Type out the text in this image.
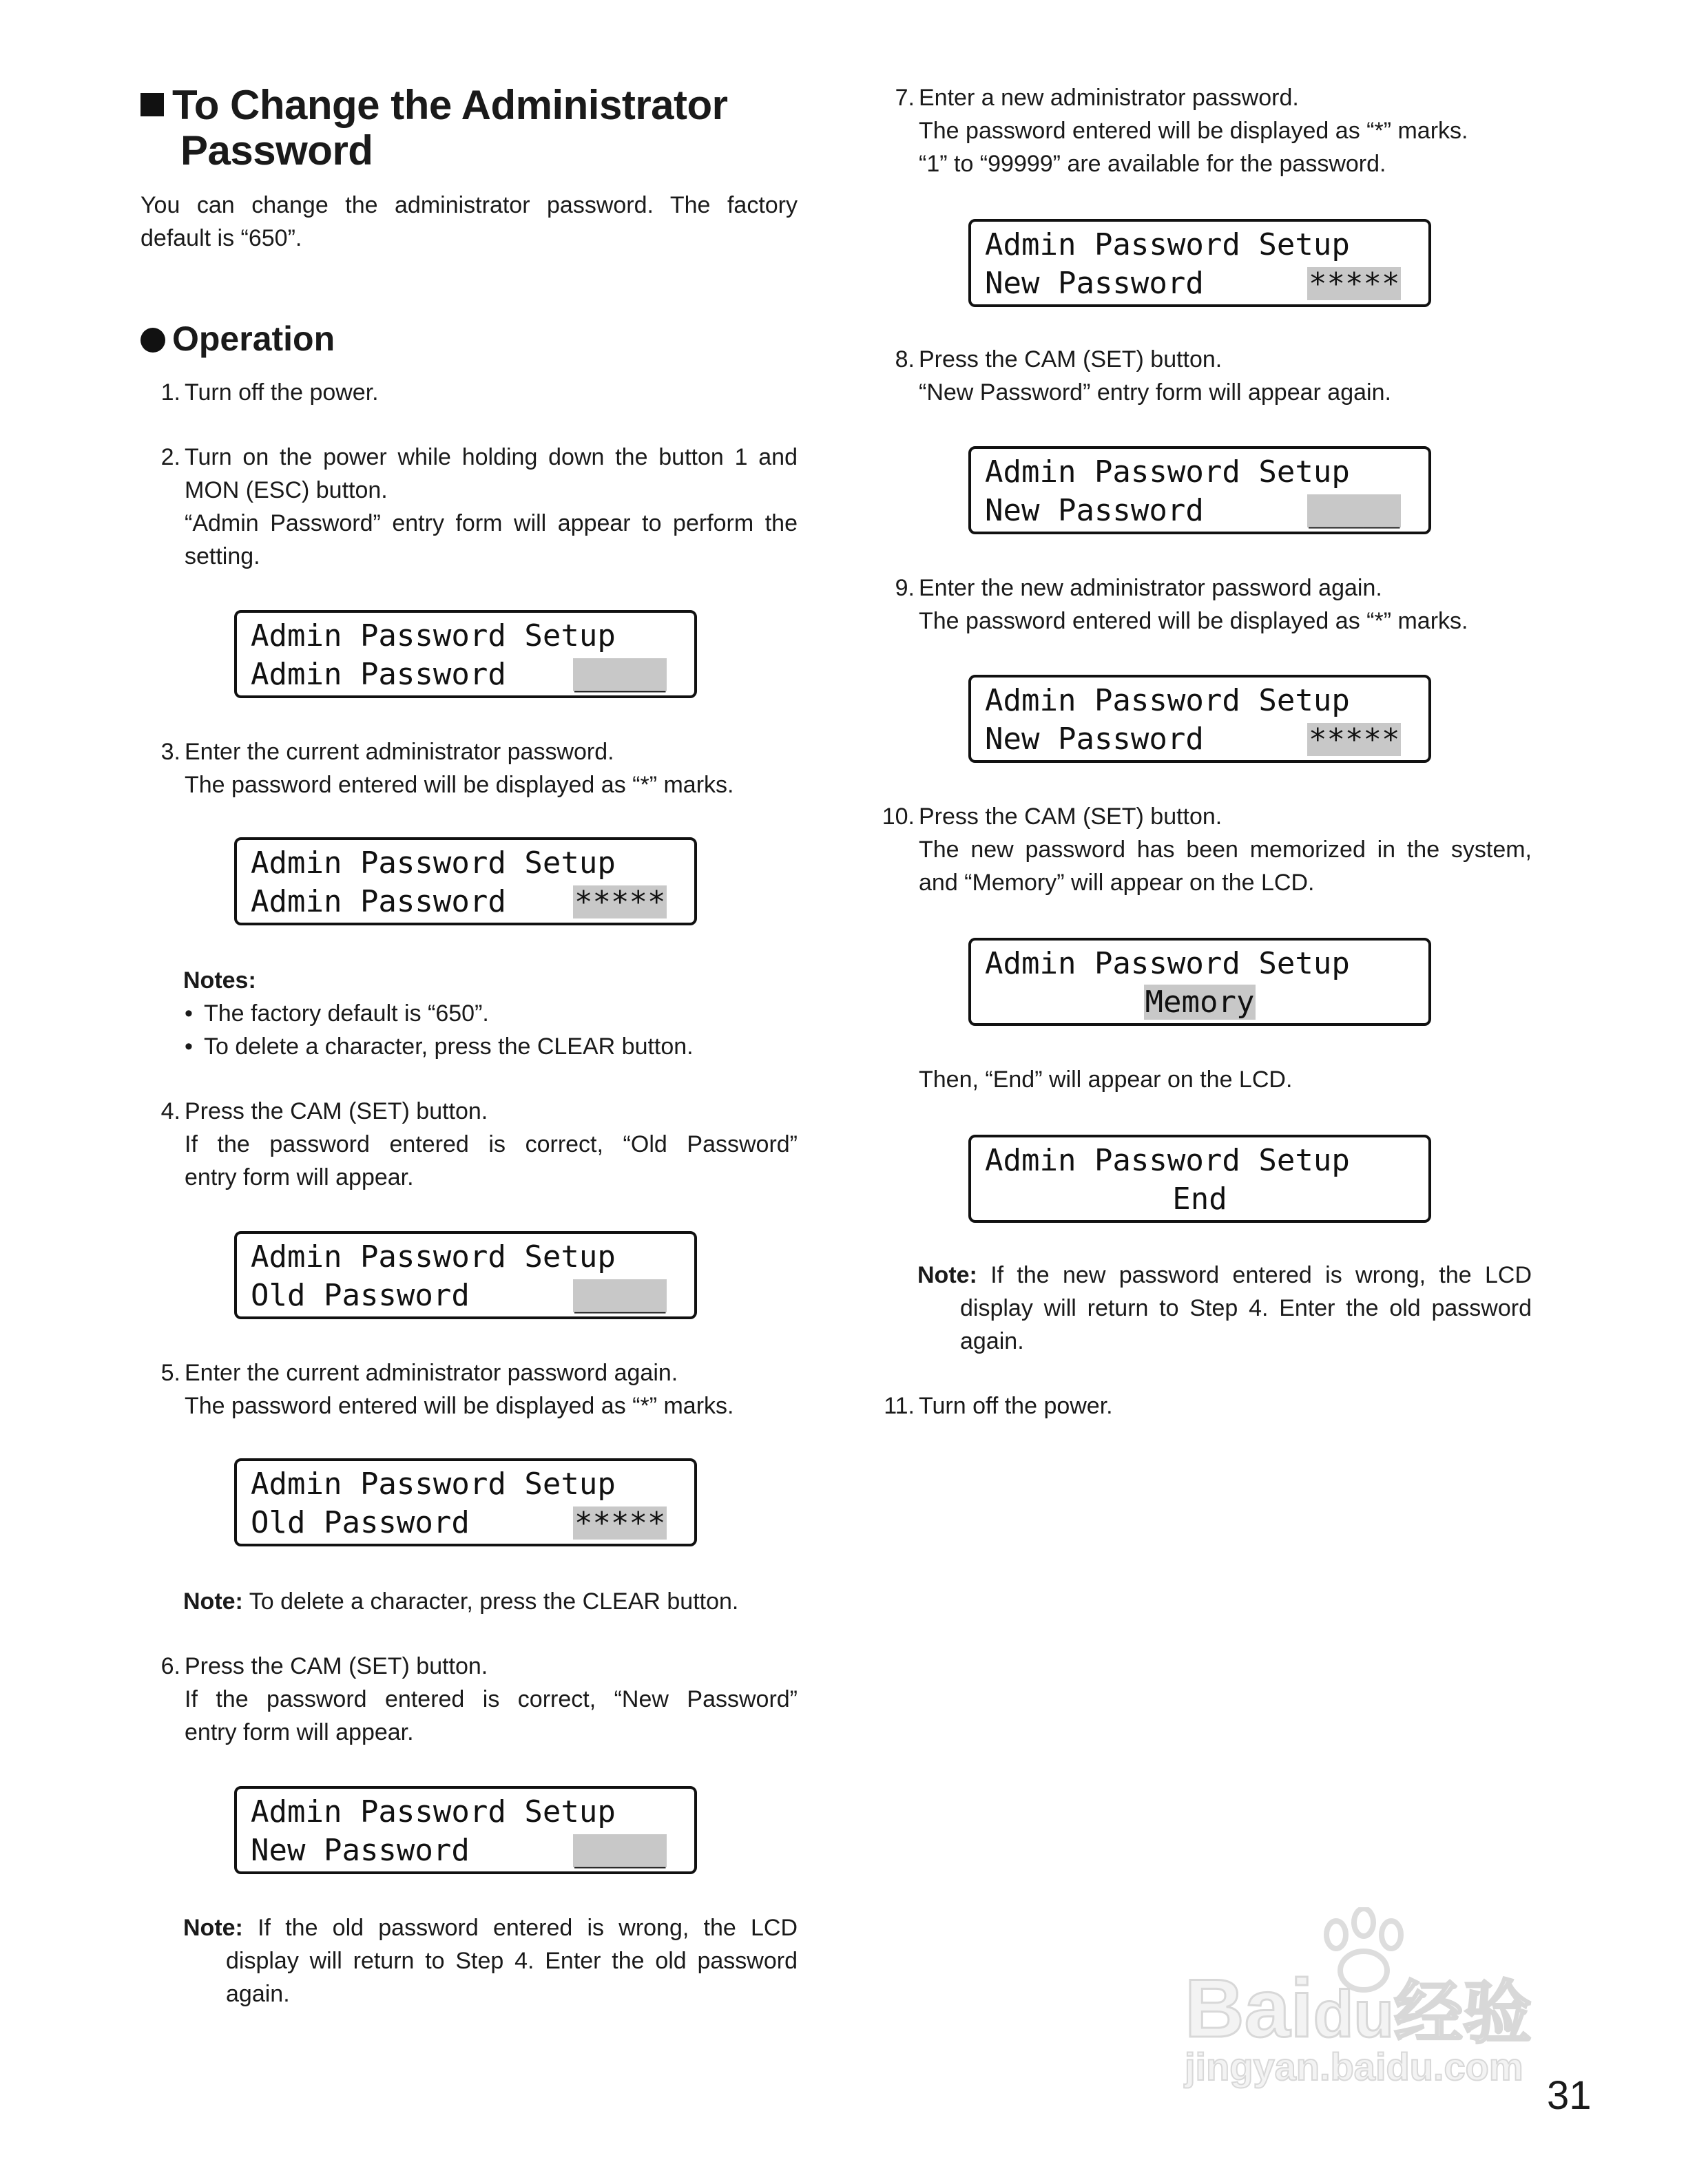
To Change the Administrator
Password
You can change the administrator password. The factory
default is “650”.
Operation
1. Turn off the power.
2. Turn on the power while holding down the button 1 and
MON (ESC) button.
“Admin Password” entry form will appear to perform the
setting.
Admin Password Setup
Admin Password _____
3. Enter the current administrator password.
The password entered will be displayed as “*” marks.
Admin Password Setup
Admin Password *****
Notes:
• The factory default is “650”.
• To delete a character, press the CLEAR button.
4. Press the CAM (SET) button.
If the password entered is correct, “Old Password”
entry form will appear.
Admin Password Setup
Old Password	_____
5. Enter the current administrator password again.
The password entered will be displayed as “*” marks.
Admin Password Setup
Old Password	*****
Note: To delete a character, press the CLEAR button.
6. Press the CAM (SET) button.
If the password entered is correct, “New Password”
entry form will appear.
Admin Password Setup
New Password	_____
Note: If the old password entered is wrong, the LCD
display will return to Step 4. Enter the old password
again.
7. Enter a new administrator password.
The password entered will be displayed as “*” marks.
“1” to “99999” are available for the password.
Admin Password Setup
New Password	*****
8. Press the CAM (SET) button.
“New Password” entry form will appear again.
Admin Password Setup
New Password	_____
9. Enter the new administrator password again.
The password entered will be displayed as “*” marks.
Admin Password Setup
New Password	*****
10. Press the CAM (SET) button.
The new password has been memorized in the system,
and “Memory” will appear on the LCD.
Admin Password Setup
Memory
Then, “End” will appear on the LCD.
Admin Password Setup
End
Note: If the new password entered is wrong, the LCD
display will return to Step 4. Enter the old password
again.
11. Turn off the power.
Baidu经验
jingyan.baidu.com
31
